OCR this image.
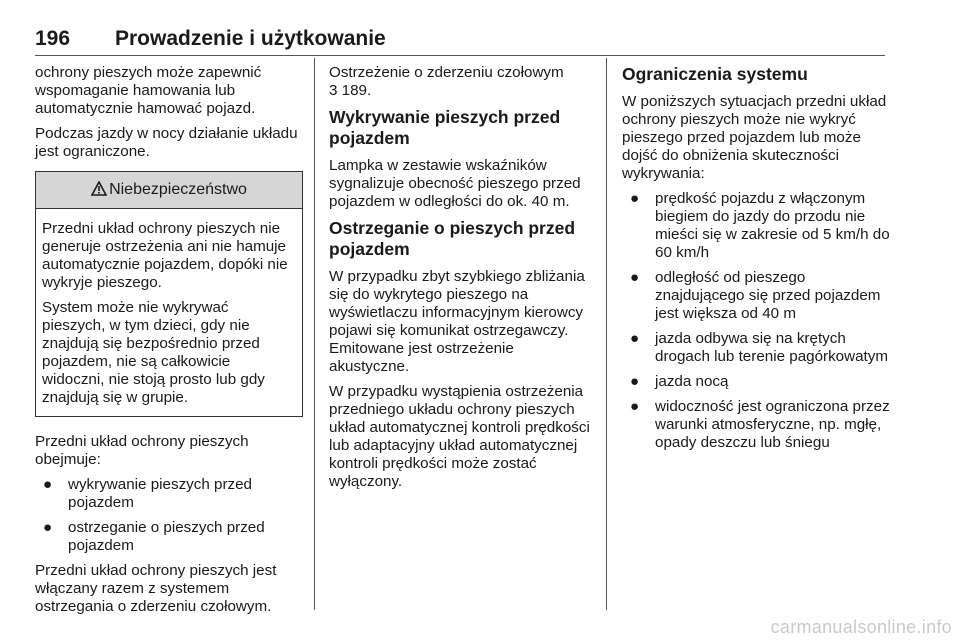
196 Prowadzenie i użytkowanie

ochrony pieszych może zapewnić wspomaganie hamowania lub automatycznie hamować pojazd.

Podczas jazdy w nocy działanie układu jest ograniczone.

Niebezpieczeństwo

Przedni układ ochrony pieszych nie generuje ostrzeżenia ani nie hamuje automatycznie pojazdem, dopóki nie wykryje pieszego.

System może nie wykrywać pieszych, w tym dzieci, gdy nie znajdują się bezpośrednio przed pojazdem, nie są całkowicie widoczni, nie stoją prosto lub gdy znajdują się w grupie.

Przedni układ ochrony pieszych obejmuje:

● wykrywanie pieszych przed pojazdem
● ostrzeganie o pieszych przed pojazdem

Przedni układ ochrony pieszych jest włączany razem z systemem ostrzegania o zderzeniu czołowym.

Ostrzeżenie o zderzeniu czołowym
3 189.

Wykrywanie pieszych przed pojazdem

Lampka w zestawie wskaźników sygnalizuje obecność pieszego przed pojazdem w odległości do ok. 40 m.

Ostrzeganie o pieszych przed pojazdem

W przypadku zbyt szybkiego zbliżania się do wykrytego pieszego na wyświetlaczu informacyjnym kierowcy pojawi się komunikat ostrzegawczy. Emitowane jest ostrzeżenie akustyczne.

W przypadku wystąpienia ostrzeżenia przedniego układu ochrony pieszych układ automatycznej kontroli prędkości lub adaptacyjny układ automatycznej kontroli prędkości może zostać wyłączony.

Ograniczenia systemu

W poniższych sytuacjach przedni układ ochrony pieszych może nie wykryć pieszego przed pojazdem lub może dojść do obniżenia skuteczności wykrywania:

● prędkość pojazdu z włączonym biegiem do jazdy do przodu nie mieści się w zakresie od 5 km/h do 60 km/h
● odległość od pieszego znajdującego się przed pojazdem jest większa od 40 m
● jazda odbywa się na krętych drogach lub terenie pagórkowatym
● jazda nocą
● widoczność jest ograniczona przez warunki atmosferyczne, np. mgłę, opady deszczu lub śniegu
carmanualsonline.info
